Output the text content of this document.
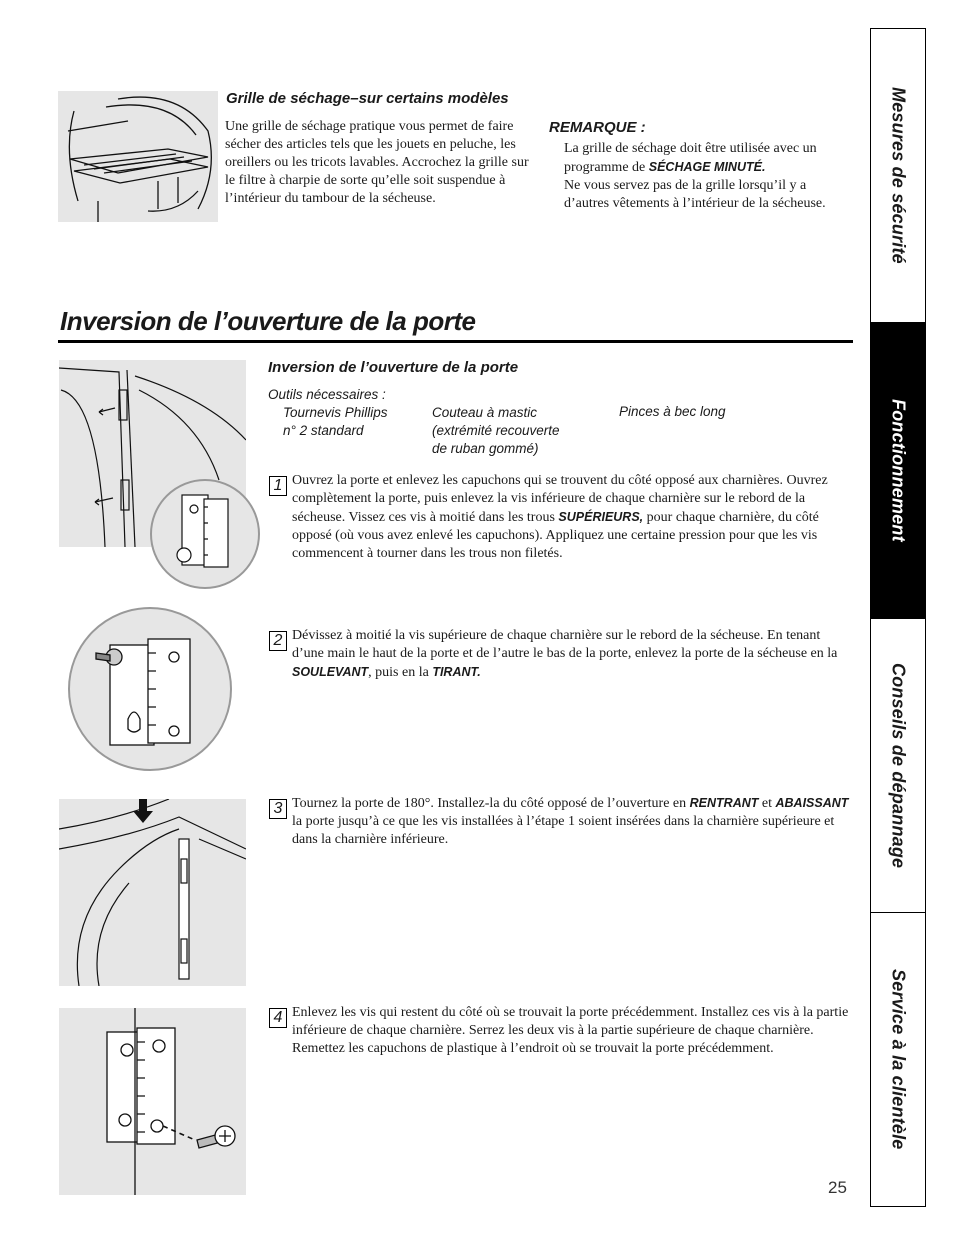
Grille de séchage–sur certains modèles
Une grille de séchage pratique vous permet de faire sécher des articles tels que les jouets en peluche, les oreillers ou les tricots lavables. Accrochez la grille sur le filtre à charpie de sorte qu’elle soit suspendue à l’intérieur du tambour de la sécheuse.
REMARQUE :
La grille de séchage doit être utilisée avec un programme de SÉCHAGE MINUTÉ.
Ne vous servez pas de la grille lorsqu’il y a d’autres vêtements à l’intérieur de la sécheuse.
Inversion de l’ouverture de la porte
Inversion de l’ouverture de la porte
Outils nécessaires :
Tournevis Phillips
n° 2 standard
Couteau à mastic
(extrémité recouverte
de ruban gommé)
Pinces à bec long
1 Ouvrez la porte et enlevez les capuchons qui se trouvent du côté opposé aux charnières. Ouvrez complètement la porte, puis enlevez la vis inférieure de chaque charnière sur le rebord de la sécheuse. Vissez ces vis à moitié dans les trous SUPÉRIEURS, pour chaque charnière, du côté opposé (où vous avez enlevé les capuchons). Appliquez une certaine pression pour que les vis commencent à tourner dans les trous non filetés.
2 Dévissez à moitié la vis supérieure de chaque charnière sur le rebord de la sécheuse. En tenant d’une main le haut de la porte et de l’autre le bas de la porte, enlevez la porte de la sécheuse en la SOULEVANT, puis en la TIRANT.
3 Tournez la porte de 180°. Installez-la du côté opposé de l’ouverture en RENTRANT et ABAISSANT la porte jusqu’à ce que les vis installées à l’étape 1 soient insérées dans la charnière supérieure et dans la charnière inférieure.
4 Enlevez les vis qui restent du côté où se trouvait la porte précédemment. Installez ces vis à la partie inférieure de chaque charnière. Serrez les deux vis à la partie supérieure de chaque charnière. Remettez les capuchons de plastique à l’endroit où se trouvait la porte précédemment.
25
Mesures de sécurité
Fonctionnement
Conseils de dépannage
Service à la clientèle
